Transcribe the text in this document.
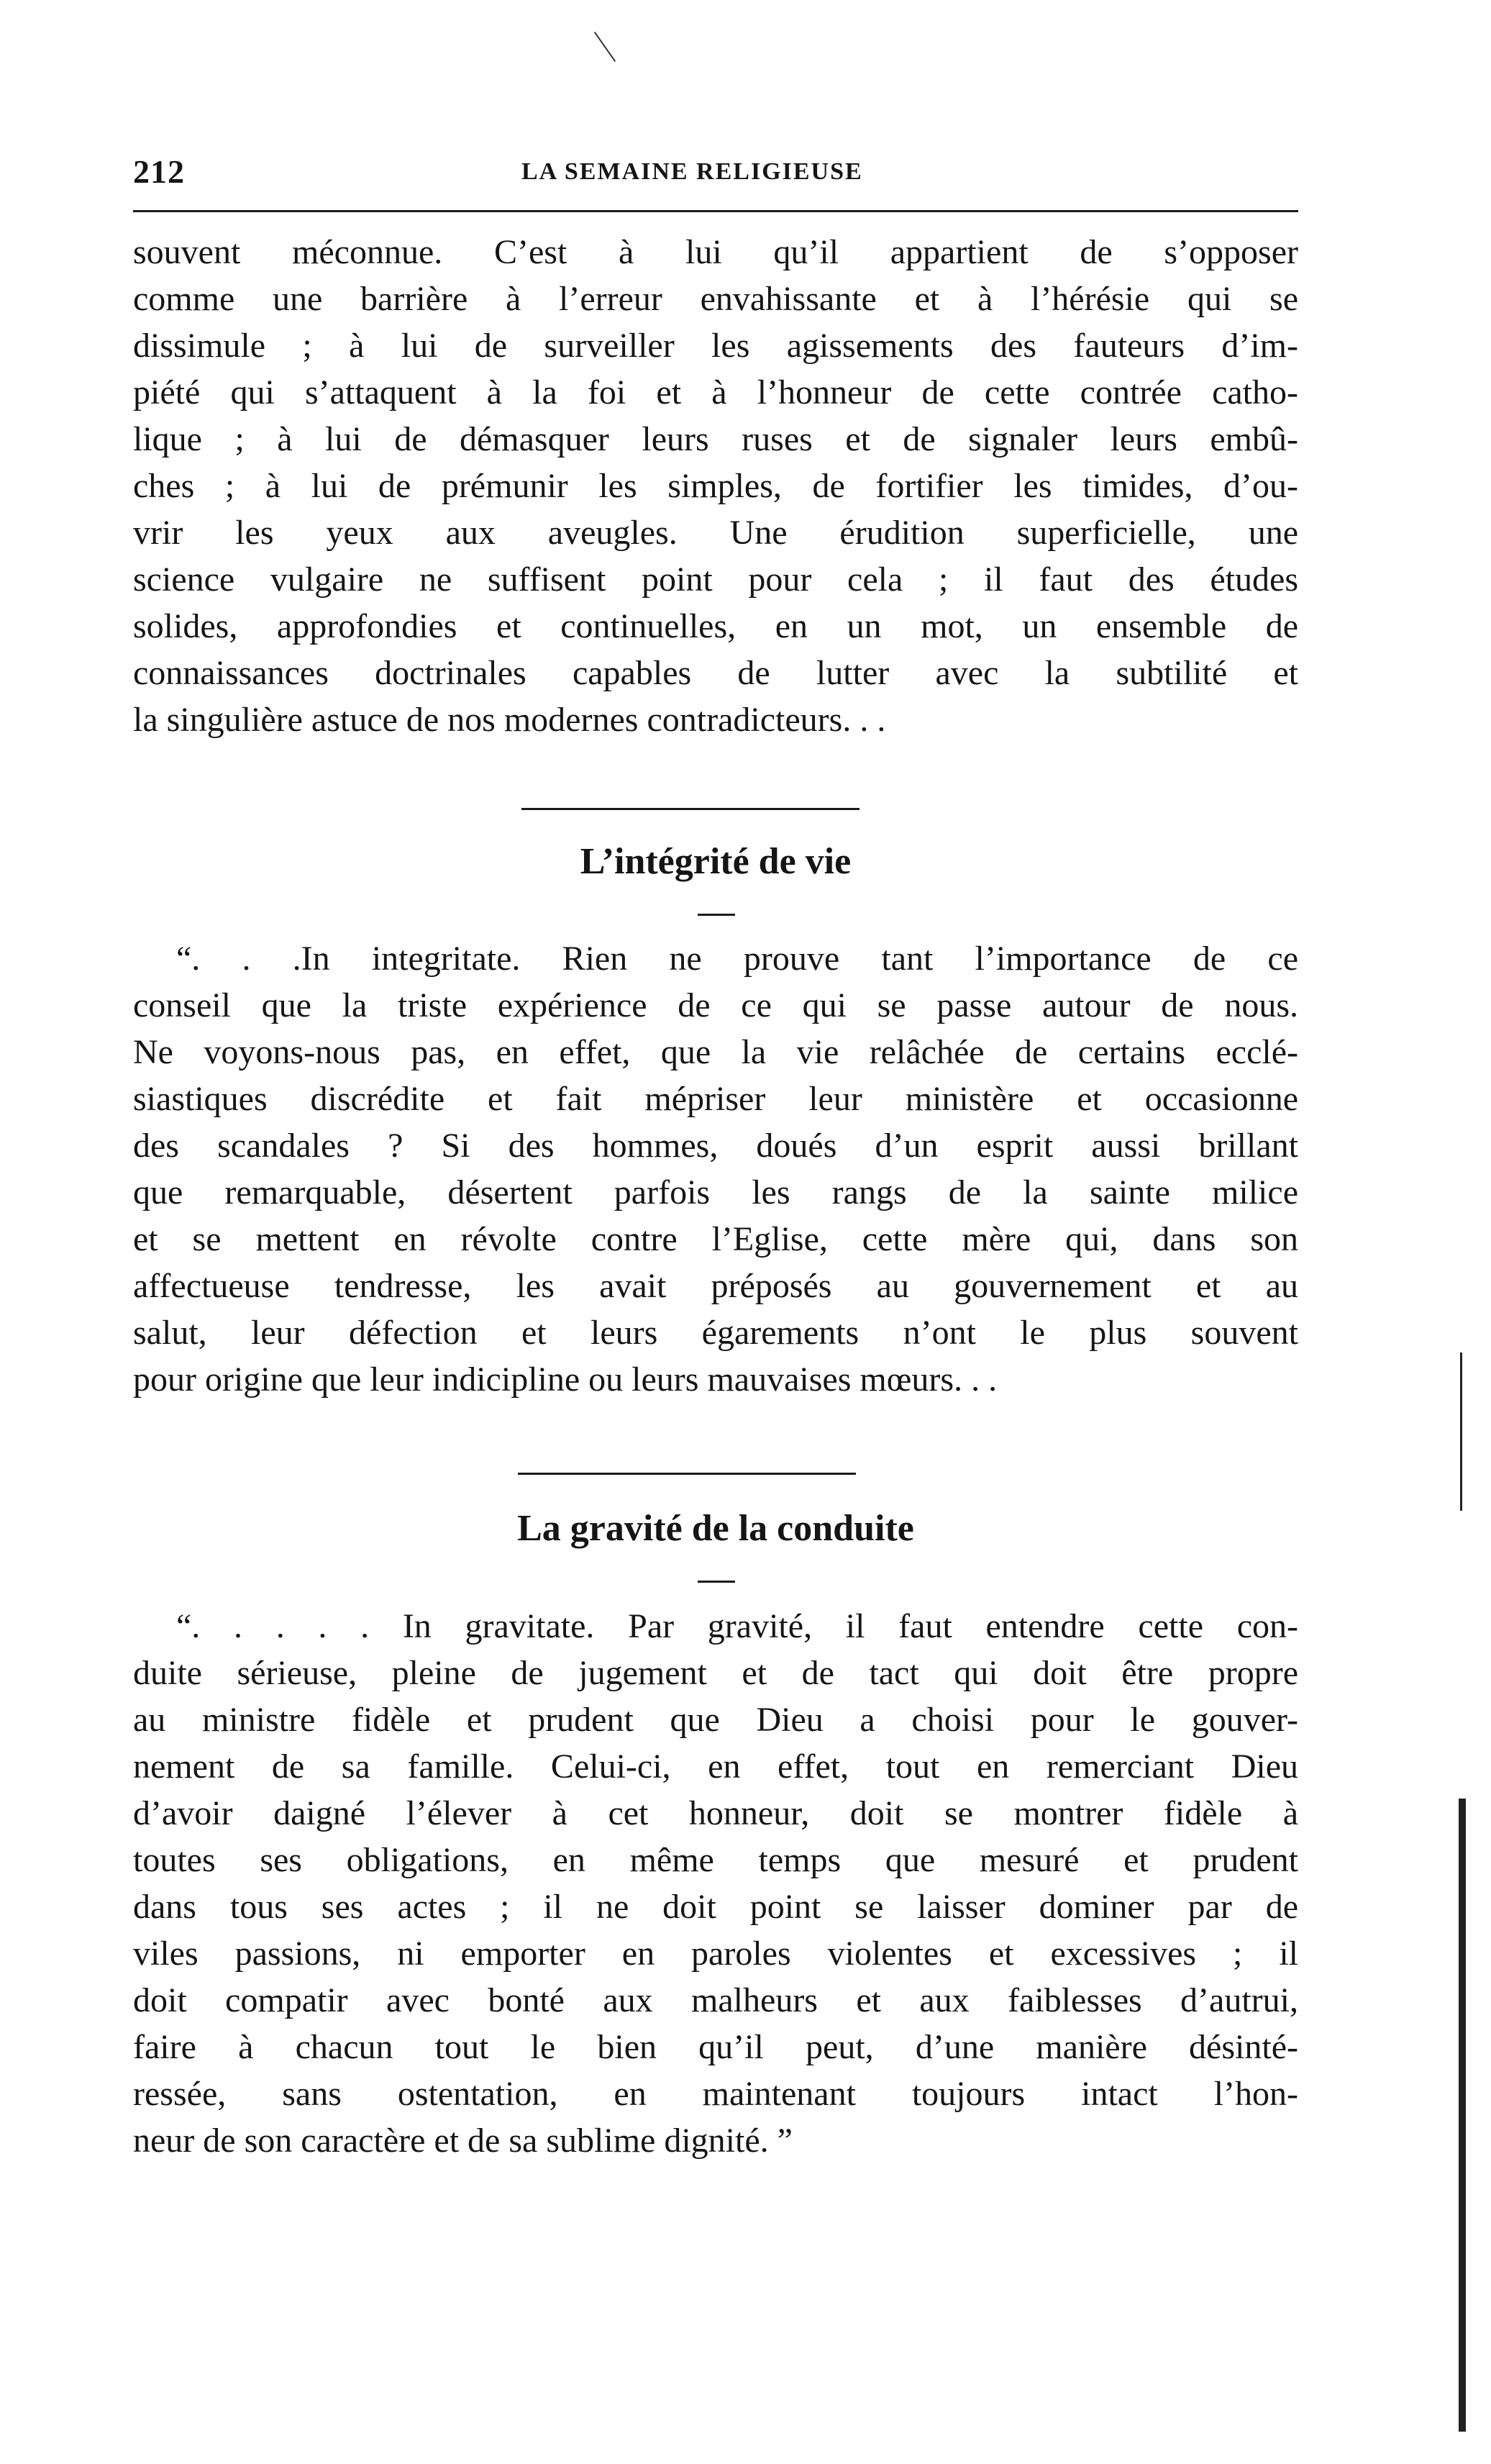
212	LA SEMAINE RELIGIEUSE
souvent méconnue. C’est à lui qu’il appartient de s’opposer
comme une barrière à l’erreur envahissante et à l’hérésie qui se
dissimule ; à lui de surveiller les agissements des fauteurs d’im-
piété qui s’attaquent à la foi et à l’honneur de cette contrée catho-
lique ; à lui de démasquer leurs ruses et de signaler leurs embû-
ches ; à lui de prémunir les simples, de fortifier les timides, d’ou-
vrir les yeux aux aveugles. Une érudition superficielle, une
science vulgaire ne suffisent point pour cela ; il faut des études
solides, approfondies et continuelles, en un mot, un ensemble de
connaissances doctrinales capables de lutter avec la subtilité et
la singulière astuce de nos modernes contradicteurs. . .
L’intégrité de vie
“. . .In integritate. Rien ne prouve tant l’importance de ce
conseil que la triste expérience de ce qui se passe autour de nous.
Ne voyons-nous pas, en effet, que la vie relâchée de certains ecclé-
siastiques discrédite et fait mépriser leur ministère et occasionne
des scandales ? Si des hommes, doués d’un esprit aussi brillant
que remarquable, désertent parfois les rangs de la sainte milice
et se mettent en révolte contre l’Eglise, cette mère qui, dans son
affectueuse tendresse, les avait préposés au gouvernement et au
salut, leur défection et leurs égarements n’ont le plus souvent
pour origine que leur indicipline ou leurs mauvaises mœurs. . .
La gravité de la conduite
“. . . . . In gravitate. Par gravité, il faut entendre cette con-
duite sérieuse, pleine de jugement et de tact qui doit être propre
au ministre fidèle et prudent que Dieu a choisi pour le gouver-
nement de sa famille. Celui-ci, en effet, tout en remerciant Dieu
d’avoir daigné l’élever à cet honneur, doit se montrer fidèle à
toutes ses obligations, en même temps que mesuré et prudent
dans tous ses actes ; il ne doit point se laisser dominer par de
viles passions, ni emporter en paroles violentes et excessives ; il
doit compatir avec bonté aux malheurs et aux faiblesses d’autrui,
faire à chacun tout le bien qu’il peut, d’une manière désinté-
ressée, sans ostentation, en maintenant toujours intact l’hon-
neur de son caractère et de sa sublime dignité. ”
